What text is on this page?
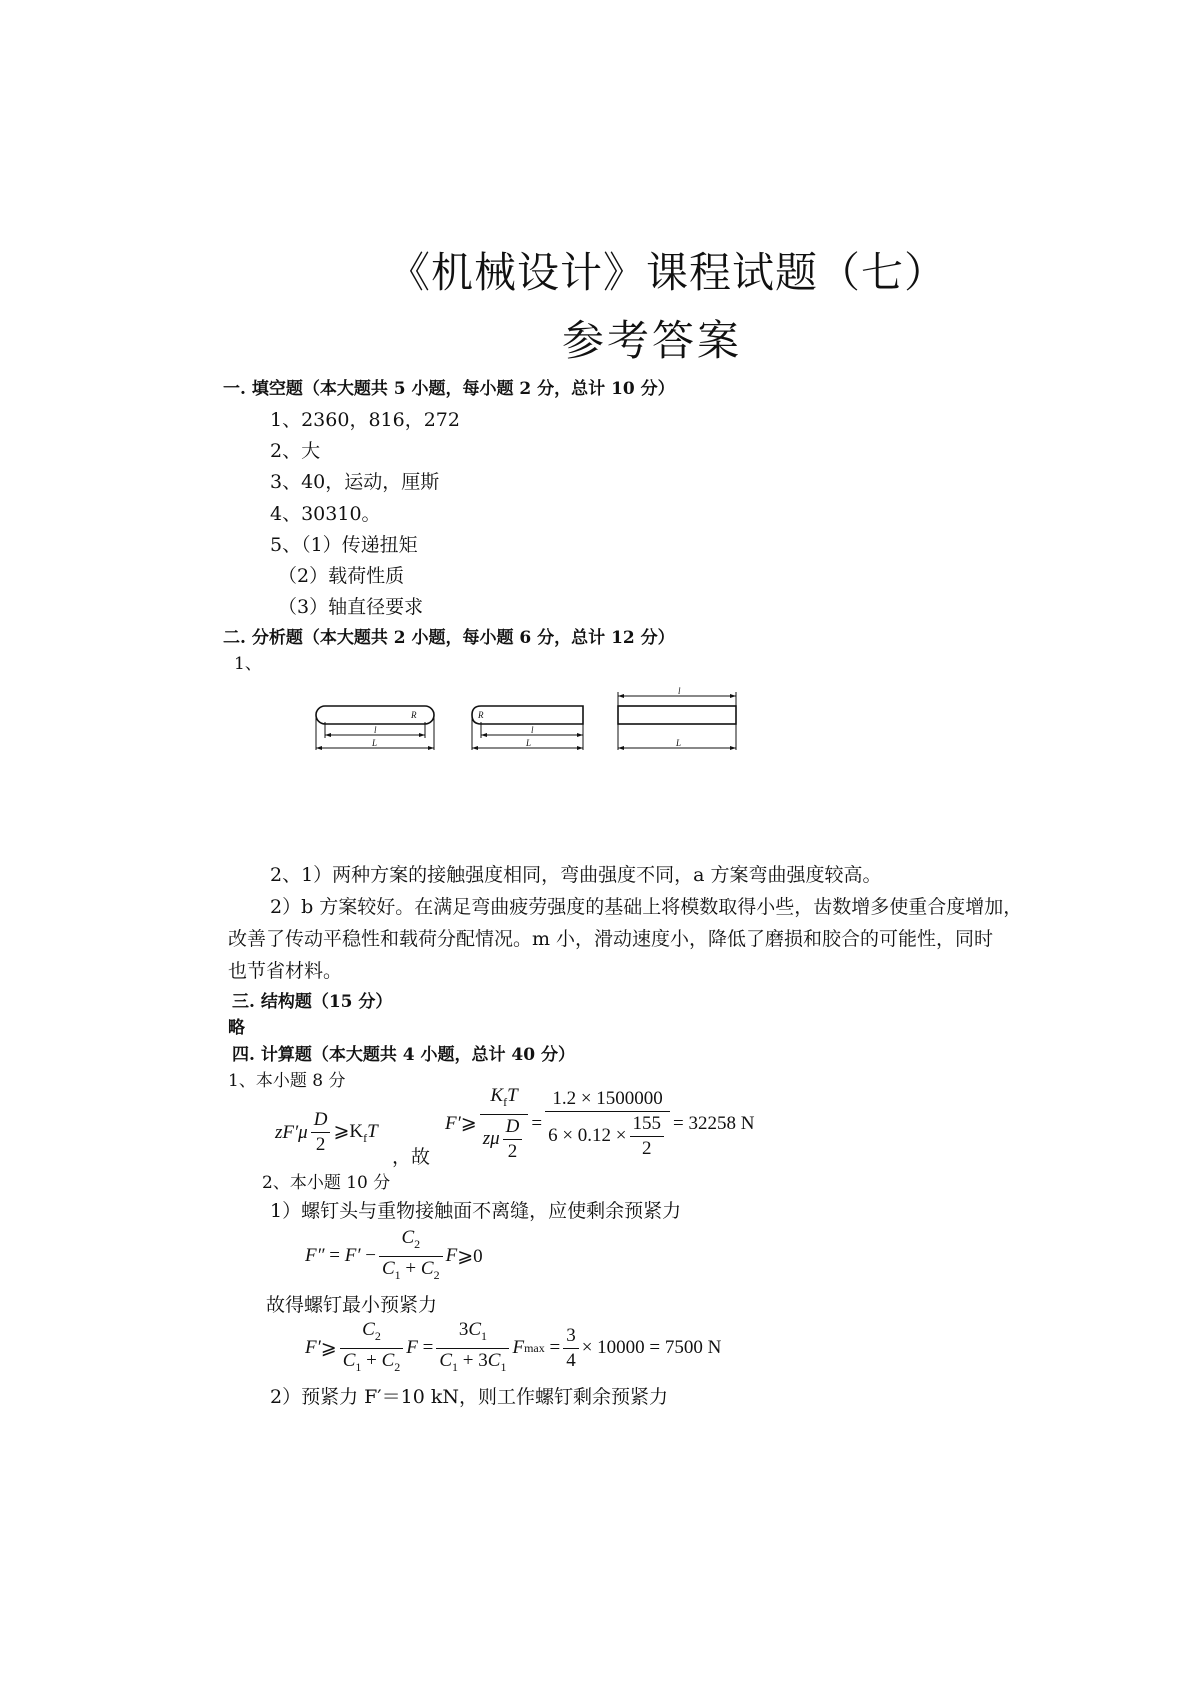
《机械设计》课程试题（七）
参考答案
一. 填空题（本大题共 5 小题，每小题 2 分，总计 10 分）
1、2360，816，272
2、大
3、40，运动，厘斯
4、30310。
5、（1）传递扭矩
（2）载荷性质
（3）轴直径要求
二. 分析题（本大题共 2 小题，每小题 6 分，总计 12 分）
1、
R
l
L
R
l
L
l
L
2、1）两种方案的接触强度相同，弯曲强度不同，a 方案弯曲强度较高。
2）b 方案较好。在满足弯曲疲劳强度的基础上将模数取得小些，齿数增多使重合度增加，
改善了传动平稳性和载荷分配情况。m 小，滑动速度小，降低了磨损和胶合的可能性，同时
也节省材料。
三. 结构题（15 分）
略
四. 计算题（本大题共 4 小题，总计 40 分）
1、本小题 8 分
$zF'\mu \frac{D}{2}$ $⩾K_fT$
，故
F′ ⩾ $\frac{K_fT}{z\mu \frac{D}{2}} = \frac{1.2 \times 1500000}{6 \times 0.12 \times \frac{155}{2}} = 32258$ N
2、本小题 10 分
1）螺钉头与重物接触面不离缝，应使剩余预紧力
$F'' = F' - \frac{C_2}{C_1 + C_2}$ F ⩾0
故得螺钉最小预紧力
F′ ⩾ $\frac{C_2}{C_1 + C_2}$ $F = \frac{3C_1}{C_1 + 3C_1}$ F $\max = \frac{3}{4} \times 10000 = 7500$ N
2）预紧力 F′＝10 kN，则工作螺钉剩余预紧力
